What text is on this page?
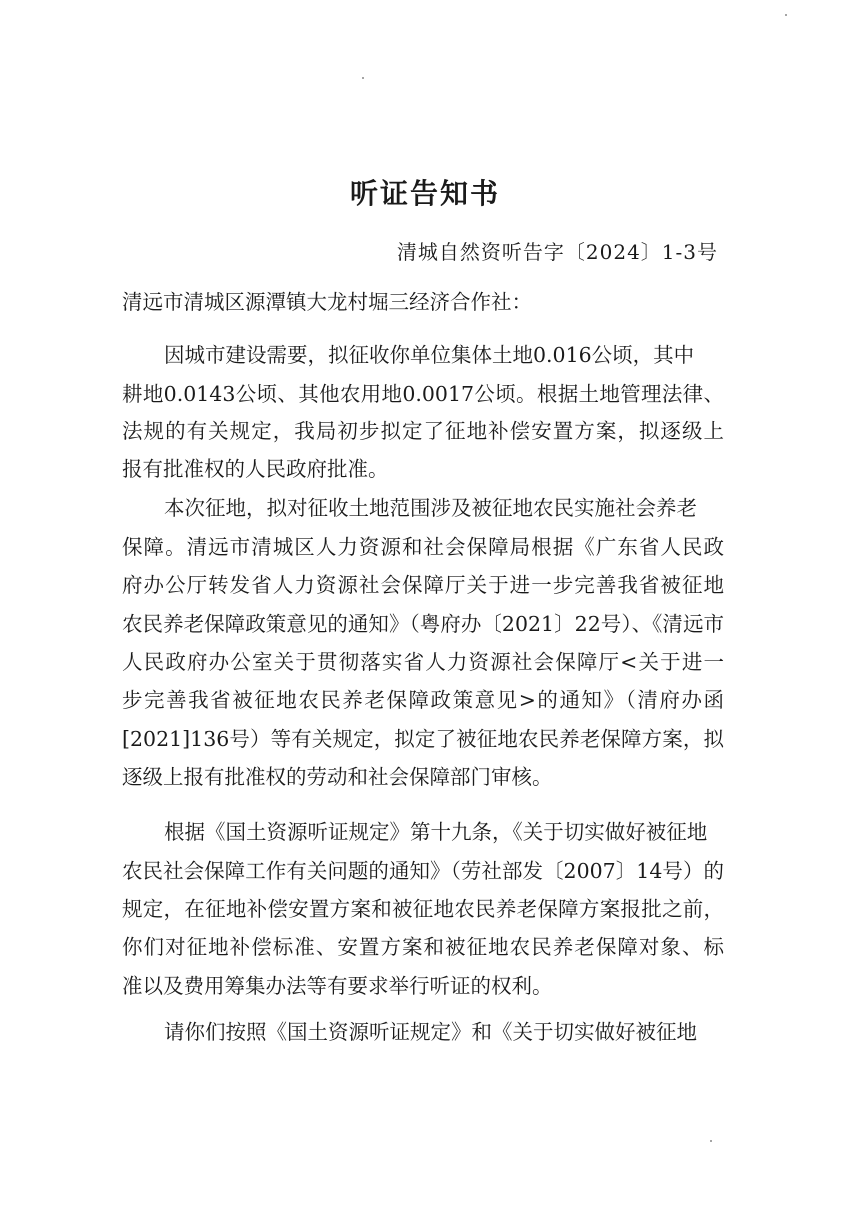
听证告知书
清城自然资听告字〔2024〕1-3号
清远市清城区源潭镇大龙村堀三经济合作社：
因城市建设需要，拟征收你单位集体土地0.016公顷，其中
耕地0.0143公顷、其他农用地0.0017公顷。根据土地管理法律、
法规的有关规定，我局初步拟定了征地补偿安置方案，拟逐级上
报有批准权的人民政府批准。
本次征地，拟对征收土地范围涉及被征地农民实施社会养老
保障。清远市清城区人力资源和社会保障局根据《广东省人民政
府办公厅转发省人力资源社会保障厅关于进一步完善我省被征地
农民养老保障政策意见的通知》（粤府办〔2021〕22号）、《清远市
人民政府办公室关于贯彻落实省人力资源社会保障厅<关于进一
步完善我省被征地农民养老保障政策意见>的通知》（清府办函
[2021]136号）等有关规定，拟定了被征地农民养老保障方案，拟
逐级上报有批准权的劳动和社会保障部门审核。
根据《国土资源听证规定》第十九条，《关于切实做好被征地
农民社会保障工作有关问题的通知》（劳社部发〔2007〕14号）的
规定，在征地补偿安置方案和被征地农民养老保障方案报批之前，
你们对征地补偿标准、安置方案和被征地农民养老保障对象、标
准以及费用筹集办法等有要求举行听证的权利。
请你们按照《国土资源听证规定》和《关于切实做好被征地
